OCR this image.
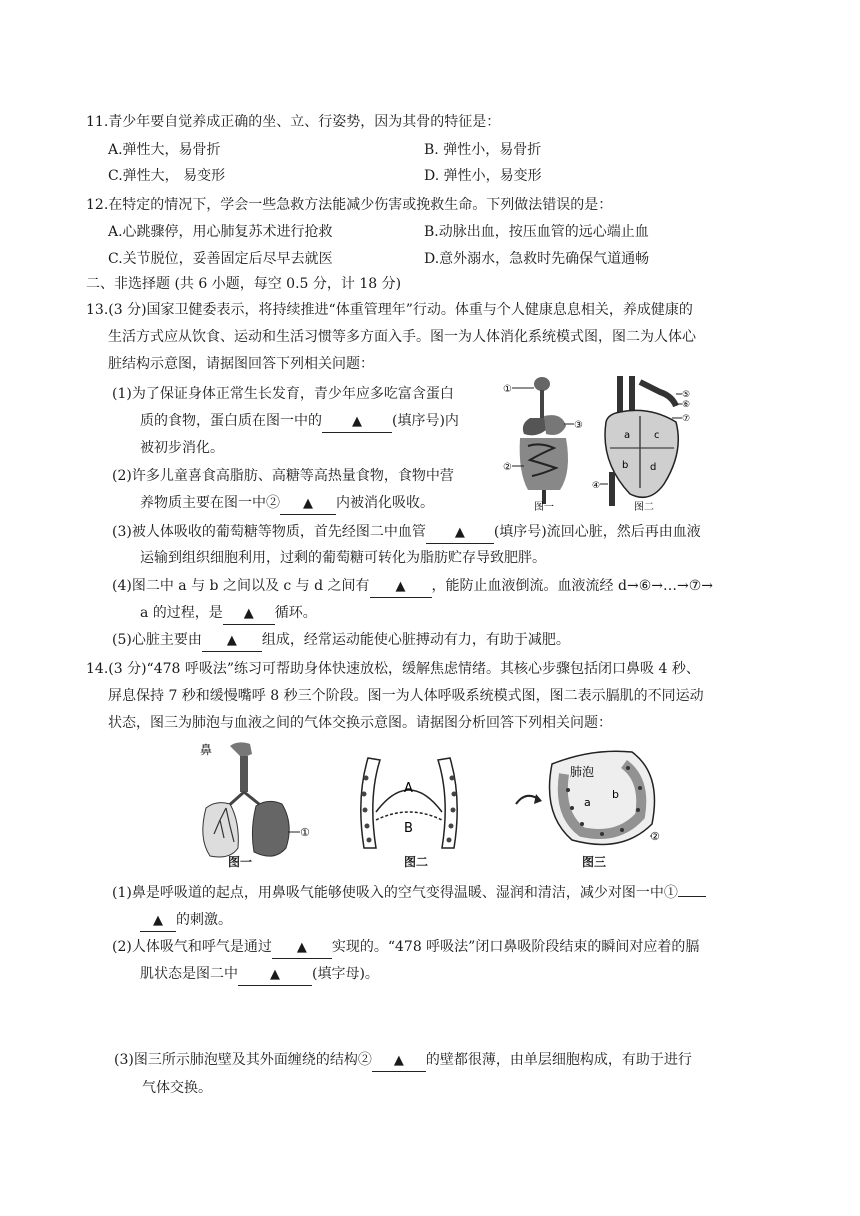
11.青少年要自觉养成正确的坐、立、行姿势，因为其骨的特征是：
A.弹性大，易骨折	B. 弹性小，易骨折
C.弹性大， 易变形	D. 弹性小，易变形
12.在特定的情况下，学会一些急救方法能减少伤害或挽救生命。下列做法错误的是：
A.心跳骤停，用心肺复苏术进行抢救	B.动脉出血，按压血管的远心端止血
C.关节脱位，妥善固定后尽早去就医	D.意外溺水，急救时先确保气道通畅
二、非选择题 (共 6 小题，每空 0.5 分，计 18 分)
13.(3 分)国家卫健委表示，将持续推进“体重管理年”行动。体重与个人健康息息相关，养成健康的
生活方式应从饮食、运动和生活习惯等多方面入手。图一为人体消化系统模式图，图二为人体心
脏结构示意图，请据图回答下列相关问题：
(1)为了保证身体正常生长发育，青少年应多吃富含蛋白
质的食物，蛋白质在图一中的 ▲ (填序号)内
被初步消化。
(2)许多儿童喜食高脂肪、高糖等高热量食物，食物中营
养物质主要在图一中② ▲ 内被消化吸收。
(3)被人体吸收的葡萄糖等物质，首先经图二中血管 ▲ (填序号)流回心脏，然后再由血液
运输到组织细胞利用，过剩的葡萄糖可转化为脂肪贮存导致肥胖。
(4)图二中 a 与 b 之间以及 c 与 d 之间有 ▲ ，能防止血液倒流。血液流经 d→⑥→…→⑦→
a 的过程，是 ▲ 循环。
(5)心脏主要由 ▲ 组成，经常运动能使心脏搏动有力，有助于减肥。
①
③
②
⑤
⑥
⑦
④
a
b
c
d
图一	图二
14.(3 分)“478 呼吸法”练习可帮助身体快速放松，缓解焦虑情绪。其核心步骤包括闭口鼻吸 4 秒、
屏息保持 7 秒和缓慢嘴呼 8 秒三个阶段。图一为人体呼吸系统模式图，图二表示膈肌的不同运动
状态，图三为肺泡与血液之间的气体交换示意图。请据图分析回答下列相关问题：
鼻
①
A
B
肺泡
a
b
②
图一	图二	图三
(1)鼻是呼吸道的起点，用鼻吸气能够使吸入的空气变得温暖、湿润和清洁，减少对图一中①
▲ 的刺激。
(2)人体吸气和呼气是通过 ▲ 实现的。“478 呼吸法”闭口鼻吸阶段结束的瞬间对应着的膈
肌状态是图二中 ▲ (填字母)。
(3)图三所示肺泡壁及其外面缠绕的结构② ▲ 的壁都很薄，由单层细胞构成，有助于进行
气体交换。
